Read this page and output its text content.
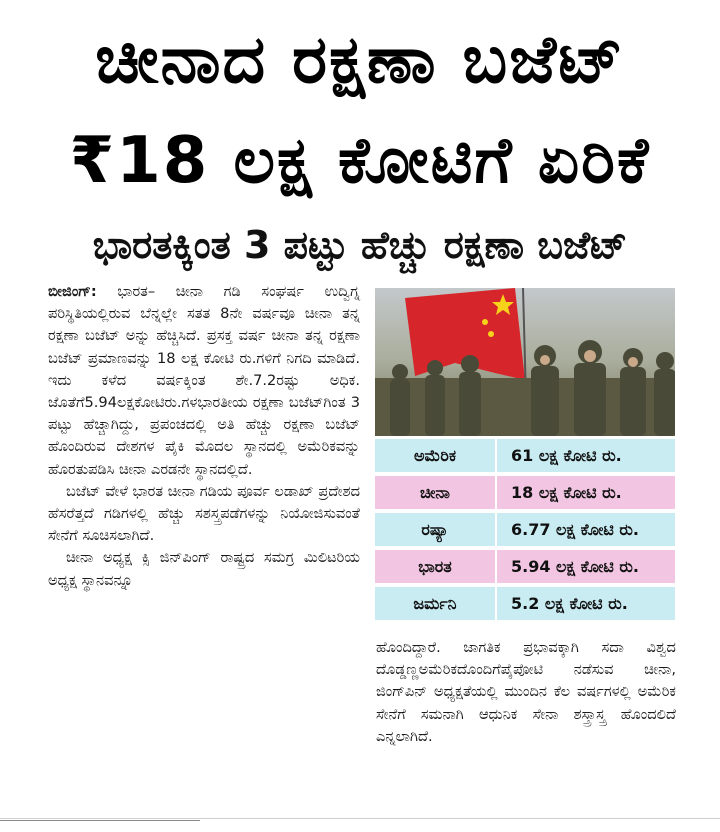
ಚೀನಾದ ರಕ್ಷಣಾ ಬಜೆಟ್
₹18 ಲಕ್ಷ ಕೋಟಿಗೆ ಏರಿಕೆ
ಭಾರತಕ್ಕಿಂತ 3 ಪಟ್ಟು ಹೆಚ್ಚು ರಕ್ಷಣಾ ಬಜೆಟ್

ಬೀಜಿಂಗ್: ಭಾರತ– ಚೀನಾ ಗಡಿ ಸಂಘರ್ಷ ಉದ್ವಿಗ್ನ ಪರಿಸ್ಥಿತಿಯಲ್ಲಿರುವ ಬೆನ್ನಲ್ಲೇ ಸತತ 8ನೇ ವರ್ಷವೂ ಚೀನಾ ತನ್ನ ರಕ್ಷಣಾ ಬಜೆಟ್ ಅನ್ನು ಹೆಚ್ಚಿಸಿದೆ. ಪ್ರಸಕ್ತ ವರ್ಷ ಚೀನಾ ತನ್ನ ರಕ್ಷಣಾ ಬಜೆಟ್ ಪ್ರಮಾಣವನ್ನು 18 ಲಕ್ಷ ಕೋಟಿ ರು.ಗಳಿಗೆ ನಿಗದಿ ಮಾಡಿದೆ. ಇದು ಕಳೆದ ವರ್ಷಕ್ಕಿಂತ ಶೇ.7.2ರಷ್ಟು ಅಧಿಕ. ಜೊತೆಗೆ5.94ಲಕ್ಷಕೋಟಿರು.ಗಳಭಾರತೀಯ ರಕ್ಷಣಾ ಬಜೆಟ್‌ಗಿಂತ 3 ಪಟ್ಟು ಹೆಚ್ಚಾಗಿದ್ದು, ಪ್ರಪಂಚದಲ್ಲಿ ಅತಿ ಹೆಚ್ಚು ರಕ್ಷಣಾ ಬಜೆಟ್ ಹೊಂದಿರುವ ದೇಶಗಳ ಪೈಕಿ ಮೊದಲ ಸ್ಥಾನದಲ್ಲಿ ಅಮೆರಿಕವನ್ನು ಹೊರತುಪಡಿಸಿ ಚೀನಾ ಎರಡನೇ ಸ್ಥಾನದಲ್ಲಿದೆ.

ಬಜೆಟ್ ವೇಳೆ ಭಾರತ ಚೀನಾ ಗಡಿಯ ಪೂರ್ವ ಲಡಾಖ್ ಪ್ರದೇಶದ ಹೆಸರೆತ್ತದೆ ಗಡಿಗಳಲ್ಲಿ ಹೆಚ್ಚು ಸಶಸ್ತ್ರಪಡೆಗಳನ್ನು ನಿಯೋಜಿಸುವಂತೆ ಸೇನೆಗೆ ಸೂಚಿಸಲಾಗಿದೆ.

ಚೀನಾ ಅಧ್ಯಕ್ಷ ಕ್ಸಿ ಜಿನ್‌ಪಿಂಗ್ ರಾಷ್ಟ್ರದ ಸಮಗ್ರ ಮಿಲಿಟರಿಯ ಅಧ್ಯಕ್ಷ ಸ್ಥಾನವನ್ನೂ

ಅಮೆರಿಕ	61 ಲಕ್ಷ ಕೋಟಿ ರು.
ಚೀನಾ	18 ಲಕ್ಷ ಕೋಟಿ ರು.
ರಷ್ಯಾ	6.77 ಲಕ್ಷ ಕೋಟಿ ರು.
ಭಾರತ	5.94 ಲಕ್ಷ ಕೋಟಿ ರು.
ಜರ್ಮನಿ	5.2 ಲಕ್ಷ ಕೋಟಿ ರು.

ಹೊಂದಿದ್ದಾರೆ. ಜಾಗತಿಕ ಪ್ರಭಾವಕ್ಕಾಗಿ ಸದಾ ವಿಶ್ವದ ದೊಡ್ಡಣ್ಣಅಮೆರಿಕದೊಂದಿಗೆಪೈಪೋಟಿ ನಡೆಸುವ ಚೀನಾ, ಜಿಂಗ್‌ಪಿನ್ ಅಧ್ಯಕ್ಷತೆಯಲ್ಲಿ ಮುಂದಿನ ಕೆಲ ವರ್ಷಗಳಲ್ಲಿ ಅಮೆರಿಕ ಸೇನೆಗೆ ಸಮನಾಗಿ ಆಧುನಿಕ ಸೇನಾ ಶಸ್ತ್ರಾಸ್ತ್ರ ಹೊಂದಲಿದೆ ಎನ್ನಲಾಗಿದೆ.
